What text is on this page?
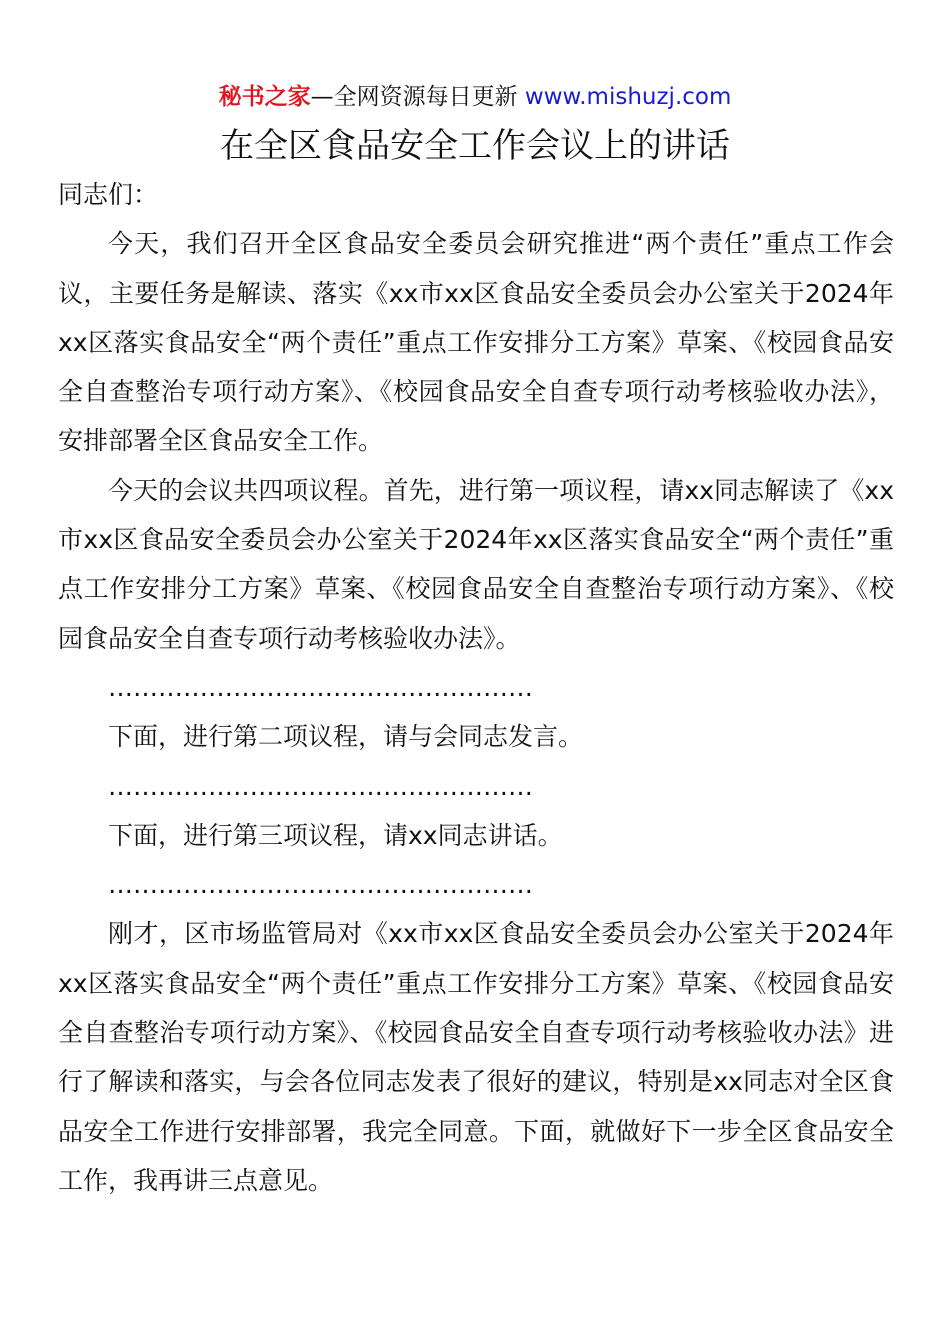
秘书之家—全网资源每日更新 www.mishuzj.com
在全区食品安全工作会议上的讲话

同志们：

今天，我们召开全区食品安全委员会研究推进“两个责任”重点工作会议，主要任务是解读、落实《xx市xx区食品安全委员会办公室关于2024年xx区落实食品安全“两个责任”重点工作安排分工方案》草案、《校园食品安全自查整治专项行动方案》、《校园食品安全自查专项行动考核验收办法》，安排部署全区食品安全工作。

今天的会议共四项议程。首先，进行第一项议程，请xx同志解读了《xx市xx区食品安全委员会办公室关于2024年xx区落实食品安全“两个责任”重点工作安排分工方案》草案、《校园食品安全自查整治专项行动方案》、《校园食品安全自查专项行动考核验收办法》。

……………………………………………

下面，进行第二项议程，请与会同志发言。

……………………………………………

下面，进行第三项议程，请xx同志讲话。

……………………………………………

刚才，区市场监管局对《xx市xx区食品安全委员会办公室关于2024年xx区落实食品安全“两个责任”重点工作安排分工方案》草案、《校园食品安全自查整治专项行动方案》、《校园食品安全自查专项行动考核验收办法》进行了解读和落实，与会各位同志发表了很好的建议，特别是xx同志对全区食品安全工作进行安排部署，我完全同意。下面，就做好下一步全区食品安全工作，我再讲三点意见。
